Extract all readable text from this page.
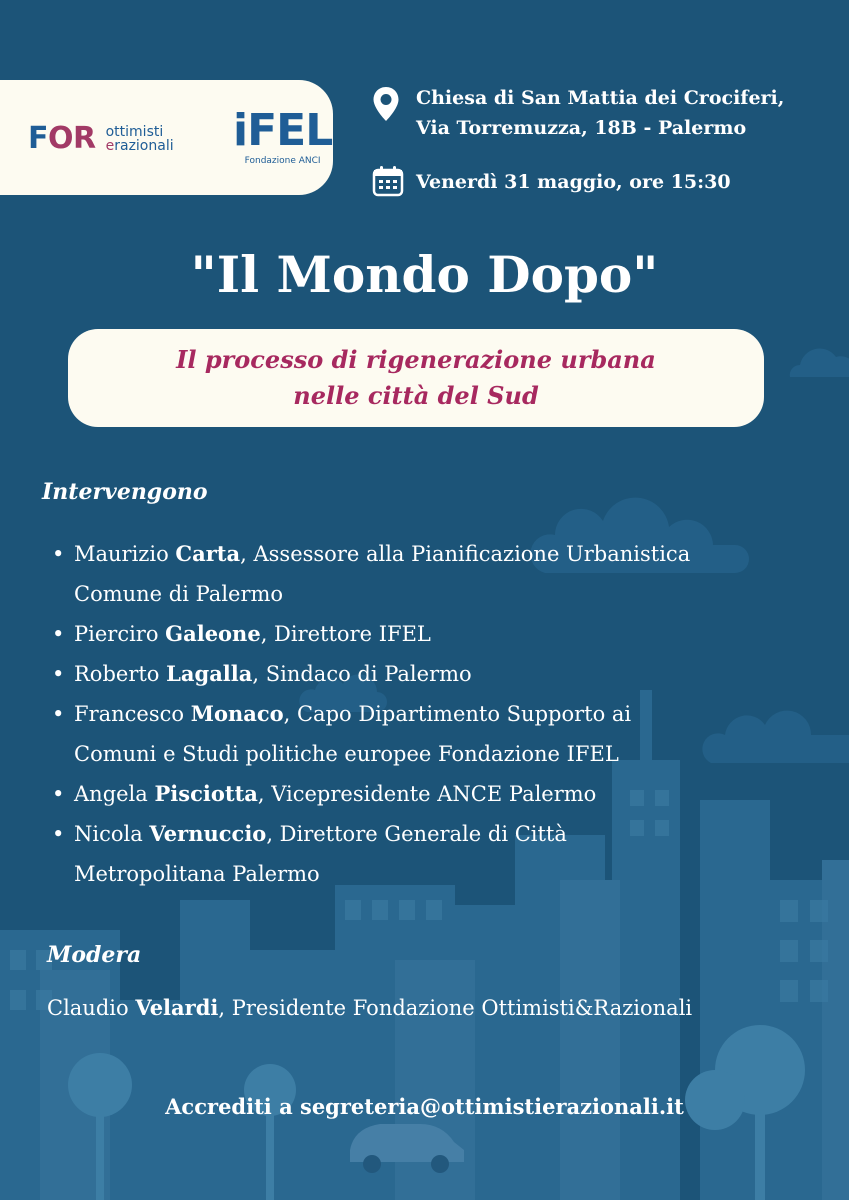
FOR ottimisti
erazionali iFEL
Fondazione ANCI
Chiesa di San Mattia dei Crociferi,
Via Torremuzza, 18B - Palermo
Venerdì 31 maggio, ore 15:30
"Il Mondo Dopo"
Il processo di rigenerazione urbana
nelle città del Sud
Intervengono
• Maurizio Carta, Assessore alla Pianificazione Urbanistica
Comune di Palermo
• Pierciro Galeone, Direttore IFEL
• Roberto Lagalla, Sindaco di Palermo
• Francesco Monaco, Capo Dipartimento Supporto ai
Comuni e Studi politiche europee Fondazione IFEL
• Angela Pisciotta, Vicepresidente ANCE Palermo
• Nicola Vernuccio, Direttore Generale di Città
Metropolitana Palermo
Modera
Claudio Velardi, Presidente Fondazione Ottimisti&Razionali
Accrediti a segreteria@ottimistierazionali.it
